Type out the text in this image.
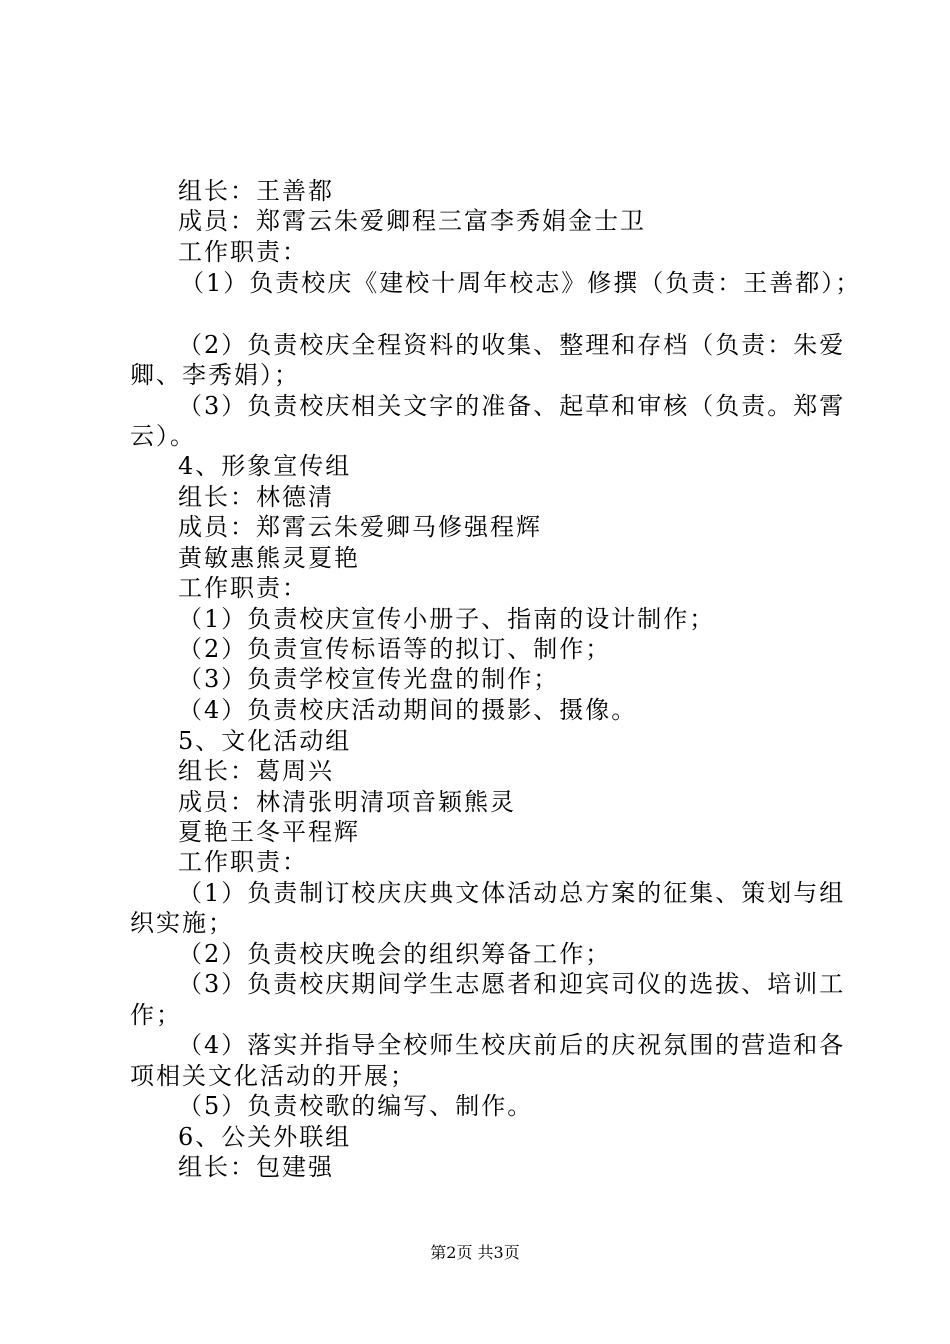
组长：王善都
成员：郑霄云朱爱卿程三富李秀娟金士卫
工作职责：
（1）负责校庆《建校十周年校志》修撰（负责：王善都）；
（2）负责校庆全程资料的收集、整理和存档（负责：朱爱
卿、李秀娟）；
（3）负责校庆相关文字的准备、起草和审核（负责。郑霄
云）。
4、形象宣传组
组长：林德清
成员：郑霄云朱爱卿马修强程辉
黄敏惠熊灵夏艳
工作职责：
（1）负责校庆宣传小册子、指南的设计制作；
（2）负责宣传标语等的拟订、制作；
（3）负责学校宣传光盘的制作；
（4）负责校庆活动期间的摄影、摄像。
5、文化活动组
组长：葛周兴
成员：林清张明清项音颖熊灵
夏艳王冬平程辉
工作职责：
（1）负责制订校庆庆典文体活动总方案的征集、策划与组
织实施；
（2）负责校庆晚会的组织筹备工作；
（3）负责校庆期间学生志愿者和迎宾司仪的选拔、培训工
作；
（4）落实并指导全校师生校庆前后的庆祝氛围的营造和各
项相关文化活动的开展；
（5）负责校歌的编写、制作。
6、公关外联组
组长：包建强
第2页 共3页
